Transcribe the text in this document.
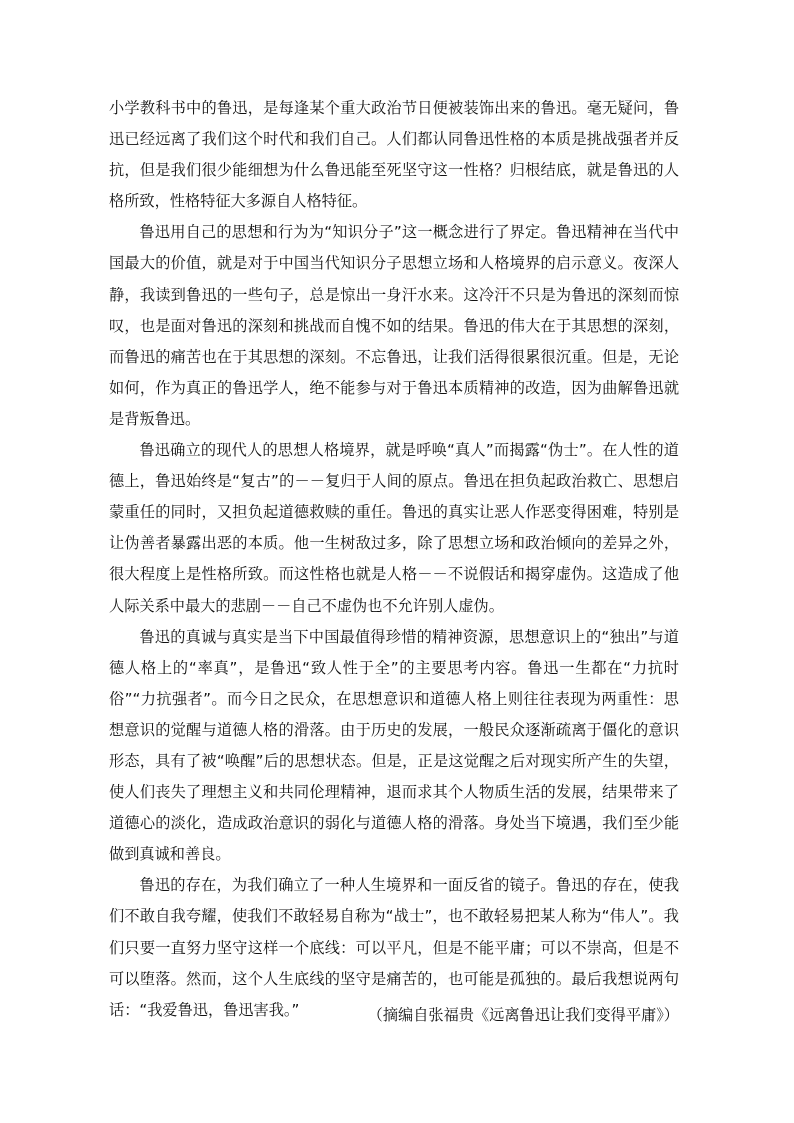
小学教科书中的鲁迅，是每逢某个重大政治节日便被装饰出来的鲁迅。毫无疑问，鲁迅已经远离了我们这个时代和我们自己。人们都认同鲁迅性格的本质是挑战强者并反抗，但是我们很少能细想为什么鲁迅能至死坚守这一性格？归根结底，就是鲁迅的人格所致，性格特征大多源自人格特征。

鲁迅用自己的思想和行为为“知识分子”这一概念进行了界定。鲁迅精神在当代中国最大的价值，就是对于中国当代知识分子思想立场和人格境界的启示意义。夜深人静，我读到鲁迅的一些句子，总是惊出一身汗水来。这冷汗不只是为鲁迅的深刻而惊叹，也是面对鲁迅的深刻和挑战而自愧不如的结果。鲁迅的伟大在于其思想的深刻，而鲁迅的痛苦也在于其思想的深刻。不忘鲁迅，让我们活得很累很沉重。但是，无论如何，作为真正的鲁迅学人，绝不能参与对于鲁迅本质精神的改造，因为曲解鲁迅就是背叛鲁迅。

鲁迅确立的现代人的思想人格境界，就是呼唤“真人”而揭露“伪士”。在人性的道德上，鲁迅始终是“复古”的－－复归于人间的原点。鲁迅在担负起政治救亡、思想启蒙重任的同时，又担负起道德救赎的重任。鲁迅的真实让恶人作恶变得困难，特别是让伪善者暴露出恶的本质。他一生树敌过多，除了思想立场和政治倾向的差异之外，很大程度上是性格所致。而这性格也就是人格－－不说假话和揭穿虚伪。这造成了他人际关系中最大的悲剧－－自己不虚伪也不允许别人虚伪。

鲁迅的真诚与真实是当下中国最值得珍惜的精神资源，思想意识上的“独出”与道德人格上的“率真”，是鲁迅“致人性于全”的主要思考内容。鲁迅一生都在“力抗时俗”“力抗强者”。而今日之民众，在思想意识和道德人格上则往往表现为两重性：思想意识的觉醒与道德人格的滑落。由于历史的发展，一般民众逐渐疏离于僵化的意识形态，具有了被“唤醒”后的思想状态。但是，正是这觉醒之后对现实所产生的失望，使人们丧失了理想主义和共同伦理精神，退而求其个人物质生活的发展，结果带来了道德心的淡化，造成政治意识的弱化与道德人格的滑落。身处当下境遇，我们至少能做到真诚和善良。

鲁迅的存在，为我们确立了一种人生境界和一面反省的镜子。鲁迅的存在，使我们不敢自我夸耀，使我们不敢轻易自称为“战士”，也不敢轻易把某人称为“伟人”。我们只要一直努力坚守这样一个底线：可以平凡，但是不能平庸；可以不崇高，但是不可以堕落。然而，这个人生底线的坚守是痛苦的，也可能是孤独的。最后我想说两句话：“我爱鲁迅，鲁迅害我。”	（摘编自张福贵《远离鲁迅让我们变得平庸》）
